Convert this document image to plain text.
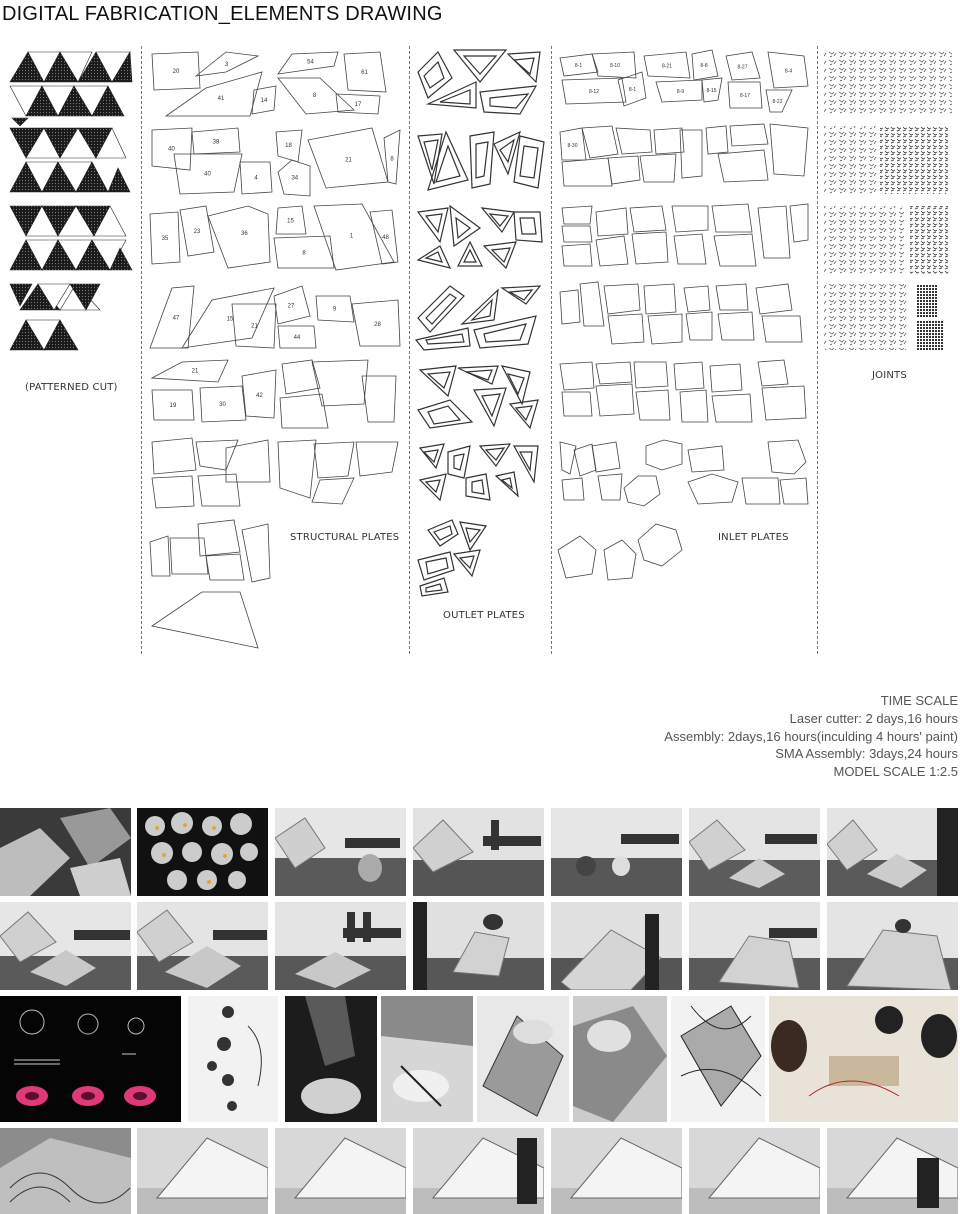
DIGITAL FABRICATION_ELEMENTS DRAWING
(PATTERNED CUT)
20
3
41	14
54
8
61
17
40
38
40
4
18
34
21	8
35
23	36
15
8
1	48
47	15
21
27
44
9
28
21
19	30
42
STRUCTURAL PLATES
OUTLET PLATES
8-1	8-10
8-12	8-1
8-21	8-8
8-9	8-15
8-27
8-4
8-17
8-22
8-30
INLET PLATES
JOINTS
TIME SCALE
Laser cutter: 2 days,16 hours
Assembly: 2days,16 hours(inculding 4 hours' paint)
SMA Assembly: 3days,24 hours
MODEL SCALE 1:2.5
